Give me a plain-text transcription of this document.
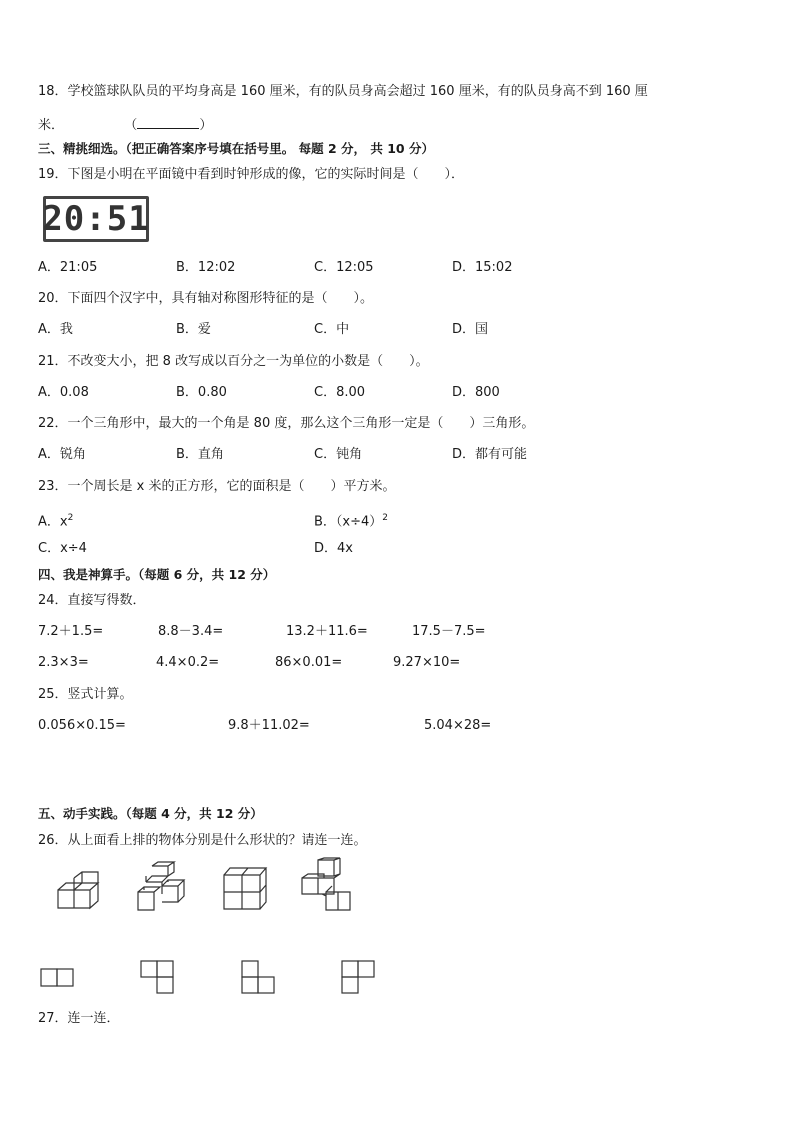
18．学校篮球队队员的平均身高是 160 厘米，有的队员身高会超过 160 厘米，有的队员身高不到 160 厘
米．	（	）
三、精挑细选。（把正确答案序号填在括号里。 每题 2 分， 共 10 分）
19．下图是小明在平面镜中看到时钟形成的像，它的实际时间是（　　）．
20:51
A．21:05	B．12:02	C．12:05	D．15:02
20．下面四个汉字中，具有轴对称图形特征的是（　　）。
A．我	B．爱	C．中	D．国
21．不改变大小，把 8 改写成以百分之一为单位的小数是（　　）。
A．0.08	B．0.80	C．8.00	D．800
22．一个三角形中，最大的一个角是 80 度，那么这个三角形一定是（　　）三角形。
A．锐角	B．直角	C．钝角	D．都有可能
23．一个周长是 x 米的正方形，它的面积是（　　）平方米。
A．$x^2$	B．$(x\div 4)^2$
C．x÷4	D．4x
四、我是神算手。（每题 6 分，共 12 分）
24．直接写得数．
7.2＋1.5=	8.8－3.4=	13.2＋11.6=	17.5－7.5=
2.3×3=	4.4×0.2=	86×0.01=	9.27×10=
25．竖式计算。
0.056×0.15=	9.8＋11.02=	5.04×28=
五、动手实践。（每题 4 分，共 12 分）
26．从上面看上排的物体分别是什么形状的？请连一连。
27．连一连．
